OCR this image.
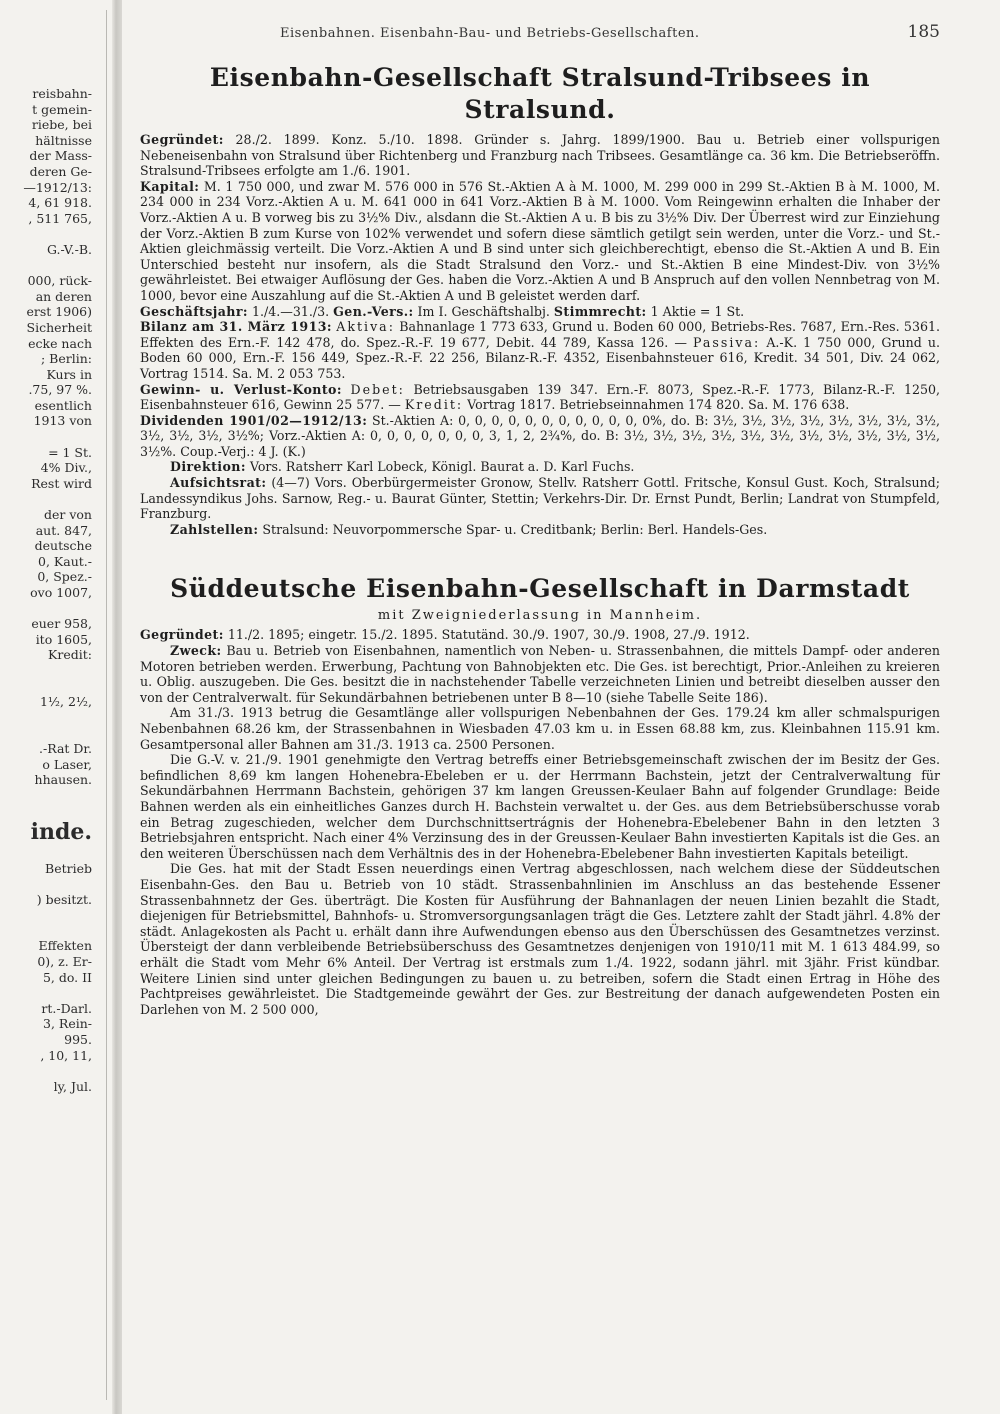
reisbahn-
t gemein-
riebe, bei
hältnisse
der Mass-
deren Ge-
—1912/13:
4, 61 918.
, 511 765,
G.-V.-B.
000, rück-
an deren
erst 1906)
Sicherheit
ecke nach
; Berlin:
Kurs in
.75, 97 %.
esentlich
1913 von
= 1 St.
4% Div.,
Rest wird
der von
aut. 847,
deutsche
0, Kaut.-
0, Spez.-
ovo 1007,
euer 958,
ito 1605,
Kredit:
1½, 2½,
.-Rat Dr.
o Laser,
hhausen.
inde.
Betrieb
) besitzt.
Effekten
0), z. Er-
5, do. II
rt.-Darl.
3, Rein-
995.
, 10, 11,
ly, Jul.
Eisenbahnen. Eisenbahn-Bau- und Betriebs-Gesellschaften.	185
Eisenbahn-Gesellschaft Stralsund-Tribsees in Stralsund.

Gegründet: 28./2. 1899. Konz. 5./10. 1898. Gründer s. Jahrg. 1899/1900. Bau u. Betrieb einer vollspurigen Nebeneisenbahn von Stralsund über Richtenberg und Franzburg nach Tribsees. Gesamtlänge ca. 36 km. Die Betriebseröffn. Stralsund-Tribsees erfolgte am 1./6. 1901.

Kapital: M. 1 750 000, und zwar M. 576 000 in 576 St.-Aktien A à M. 1000, M. 299 000 in 299 St.-Aktien B à M. 1000, M. 234 000 in 234 Vorz.-Aktien A u. M. 641 000 in 641 Vorz.-Aktien B à M. 1000. Vom Reingewinn erhalten die Inhaber der Vorz.-Aktien A u. B vorweg bis zu 3½% Div., alsdann die St.-Aktien A u. B bis zu 3½% Div. Der Überrest wird zur Einziehung der Vorz.-Aktien B zum Kurse von 102% verwendet und sofern diese sämtlich getilgt sein werden, unter die Vorz.- und St.-Aktien gleichmässig verteilt. Die Vorz.-Aktien A und B sind unter sich gleichberechtigt, ebenso die St.-Aktien A und B. Ein Unterschied besteht nur insofern, als die Stadt Stralsund den Vorz.- und St.-Aktien B eine Mindest-Div. von 3½% gewährleistet. Bei etwaiger Auflösung der Ges. haben die Vorz.-Aktien A und B Anspruch auf den vollen Nennbetrag von M. 1000, bevor eine Auszahlung auf die St.-Aktien A und B geleistet werden darf.

Geschäftsjahr: 1./4.—31./3. Gen.-Vers.: Im I. Geschäftshalbj. Stimmrecht: 1 Aktie = 1 St.

Bilanz am 31. März 1913: Aktiva: Bahnanlage 1 773 633, Grund u. Boden 60 000, Betriebs-Res. 7687, Ern.-Res. 5361. Effekten des Ern.-F. 142 478, do. Spez.-R.-F. 19 677, Debit. 44 789, Kassa 126. — Passiva: A.-K. 1 750 000, Grund u. Boden 60 000, Ern.-F. 156 449, Spez.-R.-F. 22 256, Bilanz-R.-F. 4352, Eisenbahnsteuer 616, Kredit. 34 501, Div. 24 062, Vortrag 1514. Sa. M. 2 053 753.

Gewinn- u. Verlust-Konto: Debet: Betriebsausgaben 139 347. Ern.-F. 8073, Spez.-R.-F. 1773, Bilanz-R.-F. 1250, Eisenbahnsteuer 616, Gewinn 25 577. — Kredit: Vortrag 1817. Betriebseinnahmen 174 820. Sa. M. 176 638.

Dividenden 1901/02—1912/13: St.-Aktien A: 0, 0, 0, 0, 0, 0, 0, 0, 0, 0, 0, 0%, do. B: 3½, 3½, 3½, 3½, 3½, 3½, 3½, 3½, 3½, 3½, 3½, 3½%; Vorz.-Aktien A: 0, 0, 0, 0, 0, 0, 0, 3, 1, 2, 2¾%, do. B: 3½, 3½, 3½, 3½, 3½, 3½, 3½, 3½, 3½, 3½, 3½, 3½%. Coup.-Verj.: 4 J. (K.)

Direktion: Vors. Ratsherr Karl Lobeck, Königl. Baurat a. D. Karl Fuchs.

Aufsichtsrat: (4—7) Vors. Oberbürgermeister Gronow, Stellv. Ratsherr Gottl. Fritsche, Konsul Gust. Koch, Stralsund; Landessyndikus Johs. Sarnow, Reg.- u. Baurat Günter, Stettin; Verkehrs-Dir. Dr. Ernst Pundt, Berlin; Landrat von Stumpfeld, Franzburg.

Zahlstellen: Stralsund: Neuvorpommersche Spar- u. Creditbank; Berlin: Berl. Handels-Ges.

Süddeutsche Eisenbahn-Gesellschaft in Darmstadt
mit Zweigniederlassung in Mannheim.

Gegründet: 11./2. 1895; eingetr. 15./2. 1895. Statutänd. 30./9. 1907, 30./9. 1908, 27./9. 1912.

Zweck: Bau u. Betrieb von Eisenbahnen, namentlich von Neben- u. Strassenbahnen, die mittels Dampf- oder anderen Motoren betrieben werden. Erwerbung, Pachtung von Bahnobjekten etc. Die Ges. ist berechtigt, Prior.-Anleihen zu kreieren u. Oblig. auszugeben. Die Ges. besitzt die in nachstehender Tabelle verzeichneten Linien und betreibt dieselben ausser den von der Centralverwalt. für Sekundärbahnen betriebenen unter B 8—10 (siehe Tabelle Seite 186).

Am 31./3. 1913 betrug die Gesamtlänge aller vollspurigen Nebenbahnen der Ges. 179.24 km aller schmalspurigen Nebenbahnen 68.26 km, der Strassenbahnen in Wiesbaden 47.03 km u. in Essen 68.88 km, zus. Kleinbahnen 115.91 km. Gesamtpersonal aller Bahnen am 31./3. 1913 ca. 2500 Personen.

Die G.-V. v. 21./9. 1901 genehmigte den Vertrag betreffs einer Betriebsgemeinschaft zwischen der im Besitz der Ges. befindlichen 8,69 km langen Hohenebra-Ebeleben er u. der Herrmann Bachstein, jetzt der Centralverwaltung für Sekundärbahnen Herrmann Bachstein, gehörigen 37 km langen Greussen-Keulaer Bahn auf folgender Grundlage: Beide Bahnen werden als ein einheitliches Ganzes durch H. Bachstein verwaltet u. der Ges. aus dem Betriebsüberschusse vorab ein Betrag zugeschieden, welcher dem Durchschnittsertrágnis der Hohenebra-Ebelebener Bahn in den letzten 3 Betriebsjahren entspricht. Nach einer 4% Verzinsung des in der Greussen-Keulaer Bahn investierten Kapitals ist die Ges. an den weiteren Überschüssen nach dem Verhältnis des in der Hohenebra-Ebelebener Bahn investierten Kapitals beteiligt.

Die Ges. hat mit der Stadt Essen neuerdings einen Vertrag abgeschlossen, nach welchem diese der Süddeutschen Eisenbahn-Ges. den Bau u. Betrieb von 10 städt. Strassenbahnlinien im Anschluss an das bestehende Essener Strassenbahnnetz der Ges. überträgt. Die Kosten für Ausführung der Bahnanlagen der neuen Linien bezahlt die Stadt, diejenigen für Betriebsmittel, Bahnhofs- u. Stromversorgungsanlagen trägt die Ges. Letztere zahlt der Stadt jährl. 4.8% der städt. Anlagekosten als Pacht u. erhält dann ihre Aufwendungen ebenso aus den Überschüssen des Gesamtnetzes verzinst. Übersteigt der dann verbleibende Betriebsüberschuss des Gesamtnetzes denjenigen von 1910/11 mit M. 1 613 484.99, so erhält die Stadt vom Mehr 6% Anteil. Der Vertrag ist erstmals zum 1./4. 1922, sodann jährl. mit 3jähr. Frist kündbar. Weitere Linien sind unter gleichen Bedingungen zu bauen u. zu betreiben, sofern die Stadt einen Ertrag in Höhe des Pachtpreises gewährleistet. Die Stadtgemeinde gewährt der Ges. zur Bestreitung der danach aufgewendeten Posten ein Darlehen von M. 2 500 000,
